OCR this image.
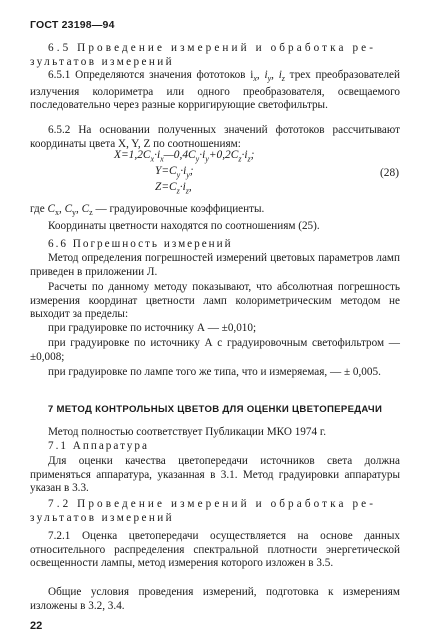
ГОСТ 23198—94

6.5 Проведение измерений и обработка ре-

зультатов измерений

6.5.1 Определяются значения фототоков $i_x$, $i_y$, $i_z$ трех преобразователей излучения колориметра или одного преобразователя, освещаемого последовательно через разные корригирующие светофильтры.

6.5.2 На основании полученных значений фототоков рассчитывают координаты цвета X, Y, Z по соотношениям:

$X=1,2C_x\cdot i_x—0,4C_y\cdot i_y+0,2C_z\cdot i_z$;
$Y=C_y\cdot i_y$;
$Z=C_z\cdot i_z$,
(28)

где $C_x$, $C_y$, $C_z$ — градуировочные коэффициенты.

Координаты цветности находятся по соотношениям (25).

6.6 Погрешность измерений

Метод определения погрешностей измерений цветовых параметров ламп приведен в приложении Л.

Расчеты по данному методу показывают, что абсолютная погрешность измерения координат цветности ламп колориметрическим методом не выходит за пределы:

при градуировке по источнику А — ±0,010;

при градуировке по источнику А с градуировочным светофильтром — ±0,008;

при градуировке по лампе того же типа, что и измеряемая, — ± 0,005.

7 МЕТОД КОНТРОЛЬНЫХ ЦВЕТОВ ДЛЯ ОЦЕНКИ ЦВЕТОПЕРЕДАЧИ

Метод полностью соответствует Публикации МКО 1974 г.

7.1 Аппаратура

Для оценки качества цветопередачи источников света должна применяться аппаратура, указанная в 3.1. Метод градуировки аппаратуры указан в 3.3.

7.2 Проведение измерений и обработка ре-

зультатов измерений

7.2.1 Оценка цветопередачи осуществляется на основе данных относительного распределения спектральной плотности энергетической освещенности лампы, метод измерения которого изложен в 3.5.

Общие условия проведения измерений, подготовка к измерениям изложены в 3.2, 3.4.

22
